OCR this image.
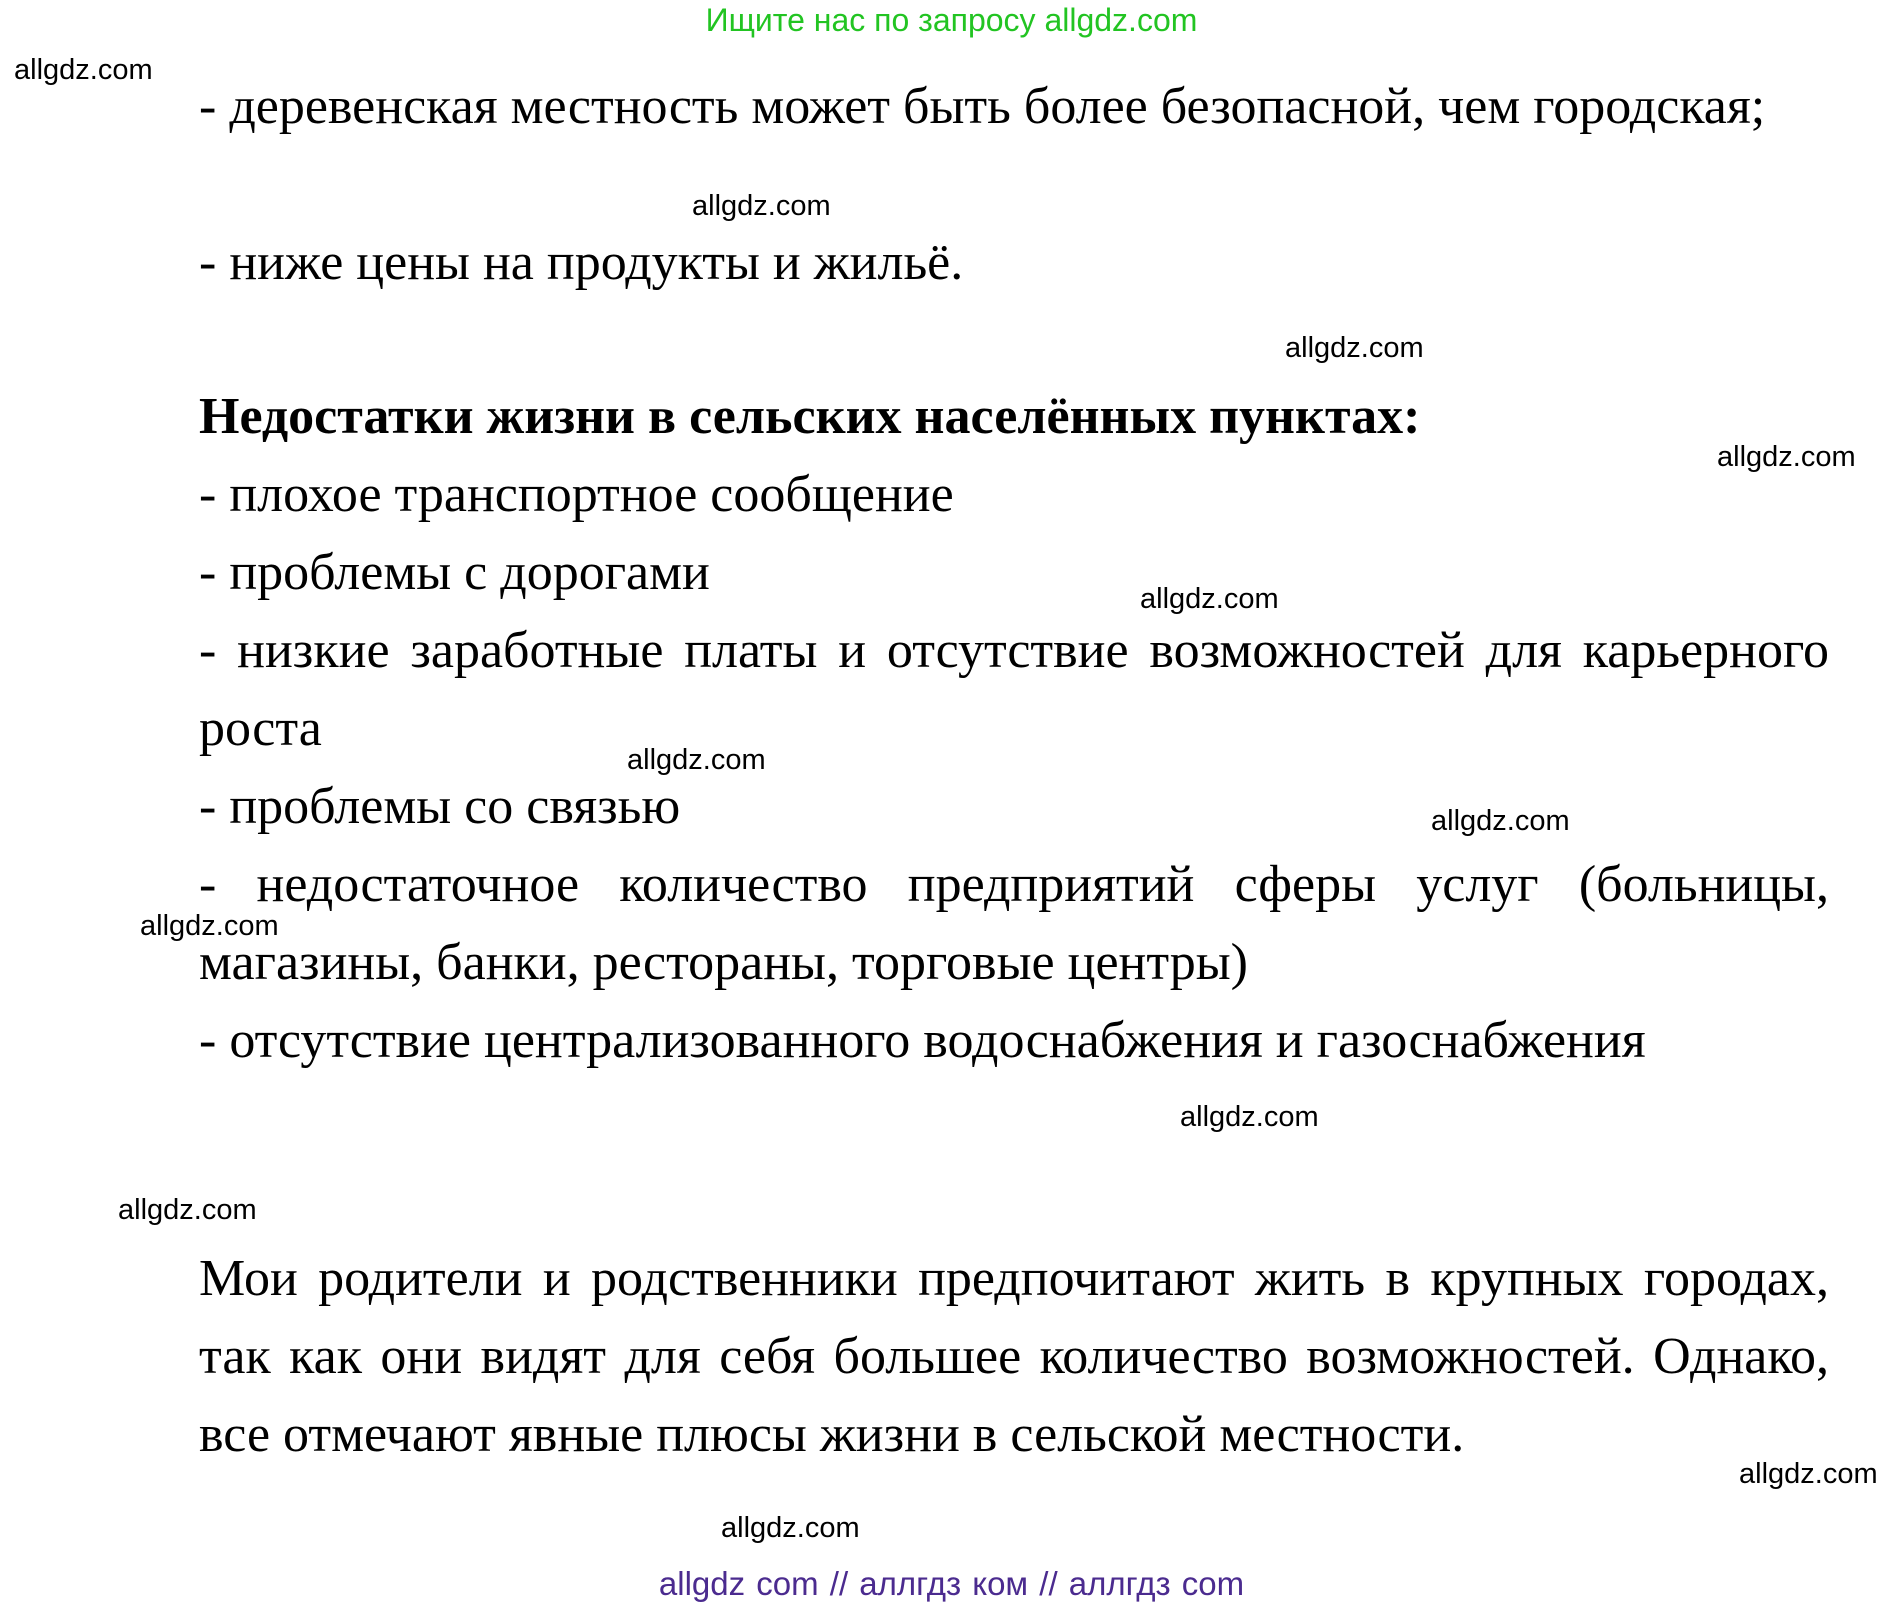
Ищите нас по запросу allgdz.com
- деревенская местность может быть более безопасной, чем городская;
- ниже цены на продукты и жильё.
Недостатки жизни в сельских населённых пунктах:
- плохое транспортное сообщение
- проблемы с дорогами
- низкие заработные платы и отсутствие возможностей для карьерного роста
- проблемы со связью
- недостаточное количество предприятий сферы услуг (больницы, магазины, банки, рестораны, торговые центры)
- отсутствие централизованного водоснабжения и газоснабжения
Мои родители и родственники предпочитают жить в крупных городах, так как они видят для себя большее количество возможностей. Однако, все отмечают явные плюсы жизни в сельской местности.
allgdz.com
allgdz.com
allgdz.com
allgdz.com
allgdz.com
allgdz.com
allgdz.com
allgdz.com
allgdz.com
allgdz.com
allgdz.com
allgdz.com
allgdz com // аллгдз ком // аллгдз com
